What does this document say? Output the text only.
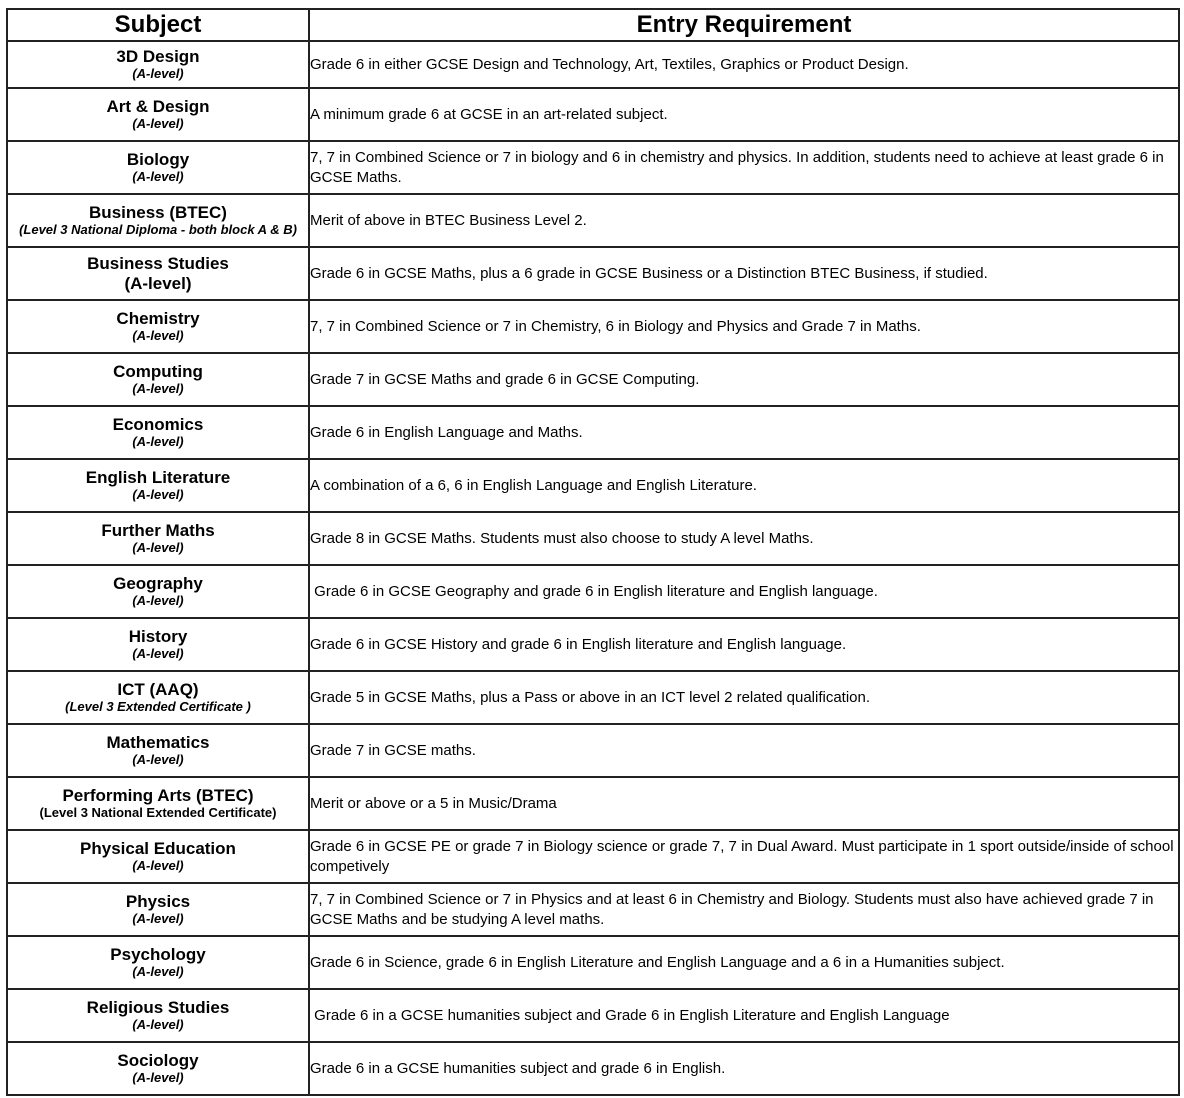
Subject	Entry Requirement

3D Design
(A-level)	Grade 6 in either GCSE Design and Technology, Art, Textiles, Graphics or Product Design.

Art & Design
(A-level)	A minimum grade 6 at GCSE in an art-related subject.

Biology
(A-level)	7, 7 in Combined Science or 7 in biology and 6 in chemistry and physics. In addition, students need to achieve at least grade 6 in GCSE Maths.

Business (BTEC)
(Level 3 National Diploma - both block A & B)	Merit of above in BTEC Business Level 2.

Business Studies
(A-level)	Grade 6 in GCSE Maths, plus a 6 grade in GCSE Business or a Distinction BTEC Business, if studied.

Chemistry
(A-level)	7, 7 in Combined Science or 7 in Chemistry, 6 in Biology and Physics and Grade 7 in Maths.

Computing
(A-level)	Grade 7 in GCSE Maths and grade 6 in GCSE Computing.

Economics
(A-level)	Grade 6 in English Language and Maths.

English Literature
(A-level)	A combination of a 6, 6 in English Language and English Literature.

Further Maths
(A-level)	Grade 8 in GCSE Maths. Students must also choose to study A level Maths.

Geography
(A-level)	Grade 6 in GCSE Geography and grade 6 in English literature and English language.

History
(A-level)	Grade 6 in GCSE History and grade 6 in English literature and English language.

ICT (AAQ)
(Level 3 Extended Certificate )	Grade 5 in GCSE Maths, plus a Pass or above in an ICT level 2 related qualification.

Mathematics
(A-level)	Grade 7 in GCSE maths.

Performing Arts (BTEC)
(Level 3 National Extended Certificate)	Merit or above or a 5 in Music/Drama

Physical Education
(A-level)	Grade 6 in GCSE PE or grade 7 in Biology science or grade 7, 7 in Dual Award. Must participate in 1 sport outside/inside of school competively

Physics
(A-level)	7, 7 in Combined Science or 7 in Physics and at least 6 in Chemistry and Biology. Students must also have achieved grade 7 in GCSE Maths and be studying A level maths.

Psychology
(A-level)	Grade 6 in Science, grade 6 in English Literature and English Language and a 6 in a Humanities subject.

Religious Studies
(A-level)	Grade 6 in a GCSE humanities subject and Grade 6 in English Literature and English Language

Sociology
(A-level)	Grade 6 in a GCSE humanities subject and grade 6 in English.
